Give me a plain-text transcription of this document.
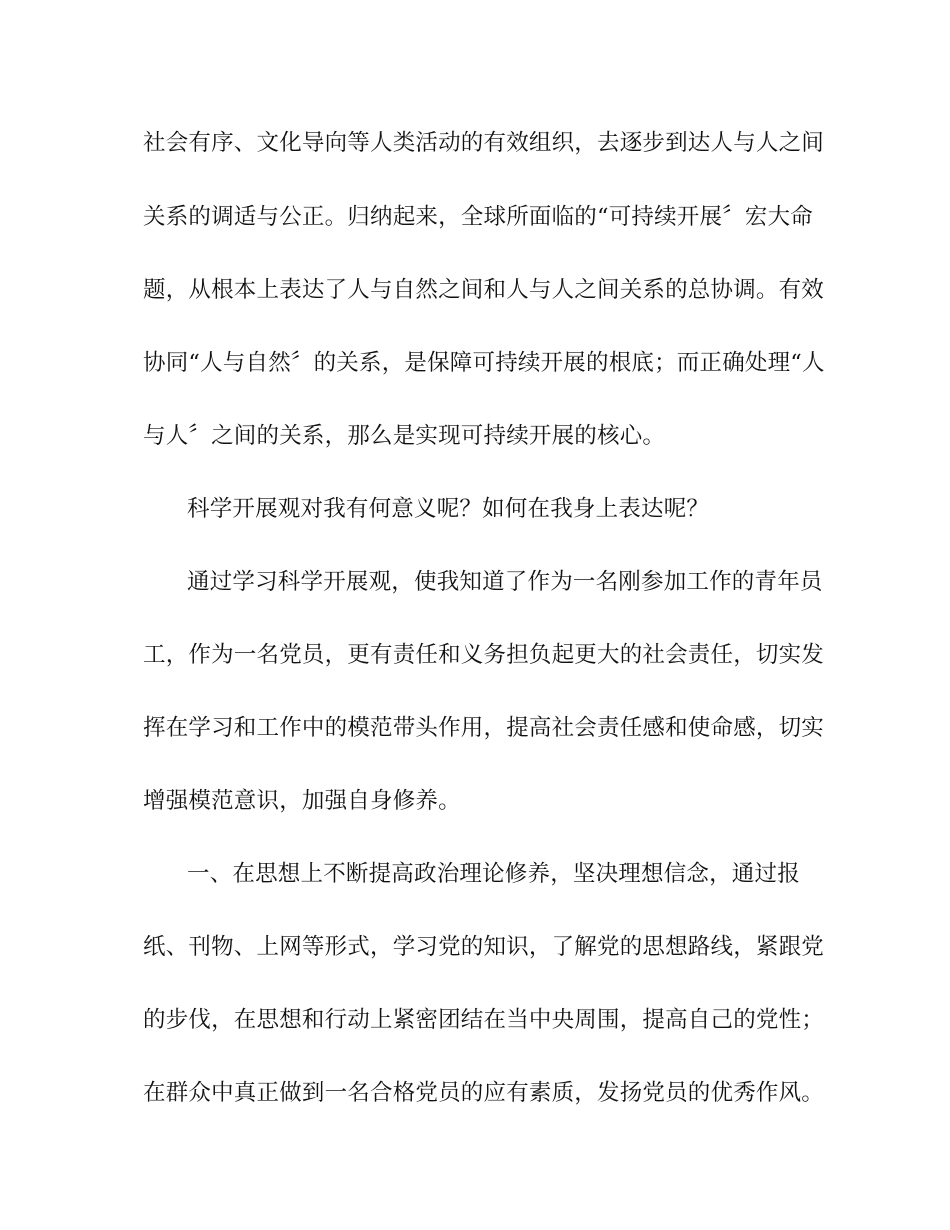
社会有序、文化导向等人类活动的有效组织，去逐步到达人与人之间
关系的调适与公正。归纳起来，全球所面临的“可持续开展〞宏大命
题，从根本上表达了人与自然之间和人与人之间关系的总协调。有效
协同“人与自然〞的关系，是保障可持续开展的根底；而正确处理“人
与人〞之间的关系，那么是实现可持续开展的核心。
科学开展观对我有何意义呢？如何在我身上表达呢？
通过学习科学开展观，使我知道了作为一名刚参加工作的青年员
工，作为一名党员，更有责任和义务担负起更大的社会责任，切实发
挥在学习和工作中的模范带头作用，提高社会责任感和使命感，切实
增强模范意识，加强自身修养。
一、在思想上不断提高政治理论修养，坚决理想信念，通过报
纸、刊物、上网等形式，学习党的知识，了解党的思想路线，紧跟党
的步伐，在思想和行动上紧密团结在当中央周围，提高自己的党性；
在群众中真正做到一名合格党员的应有素质，发扬党员的优秀作风。
